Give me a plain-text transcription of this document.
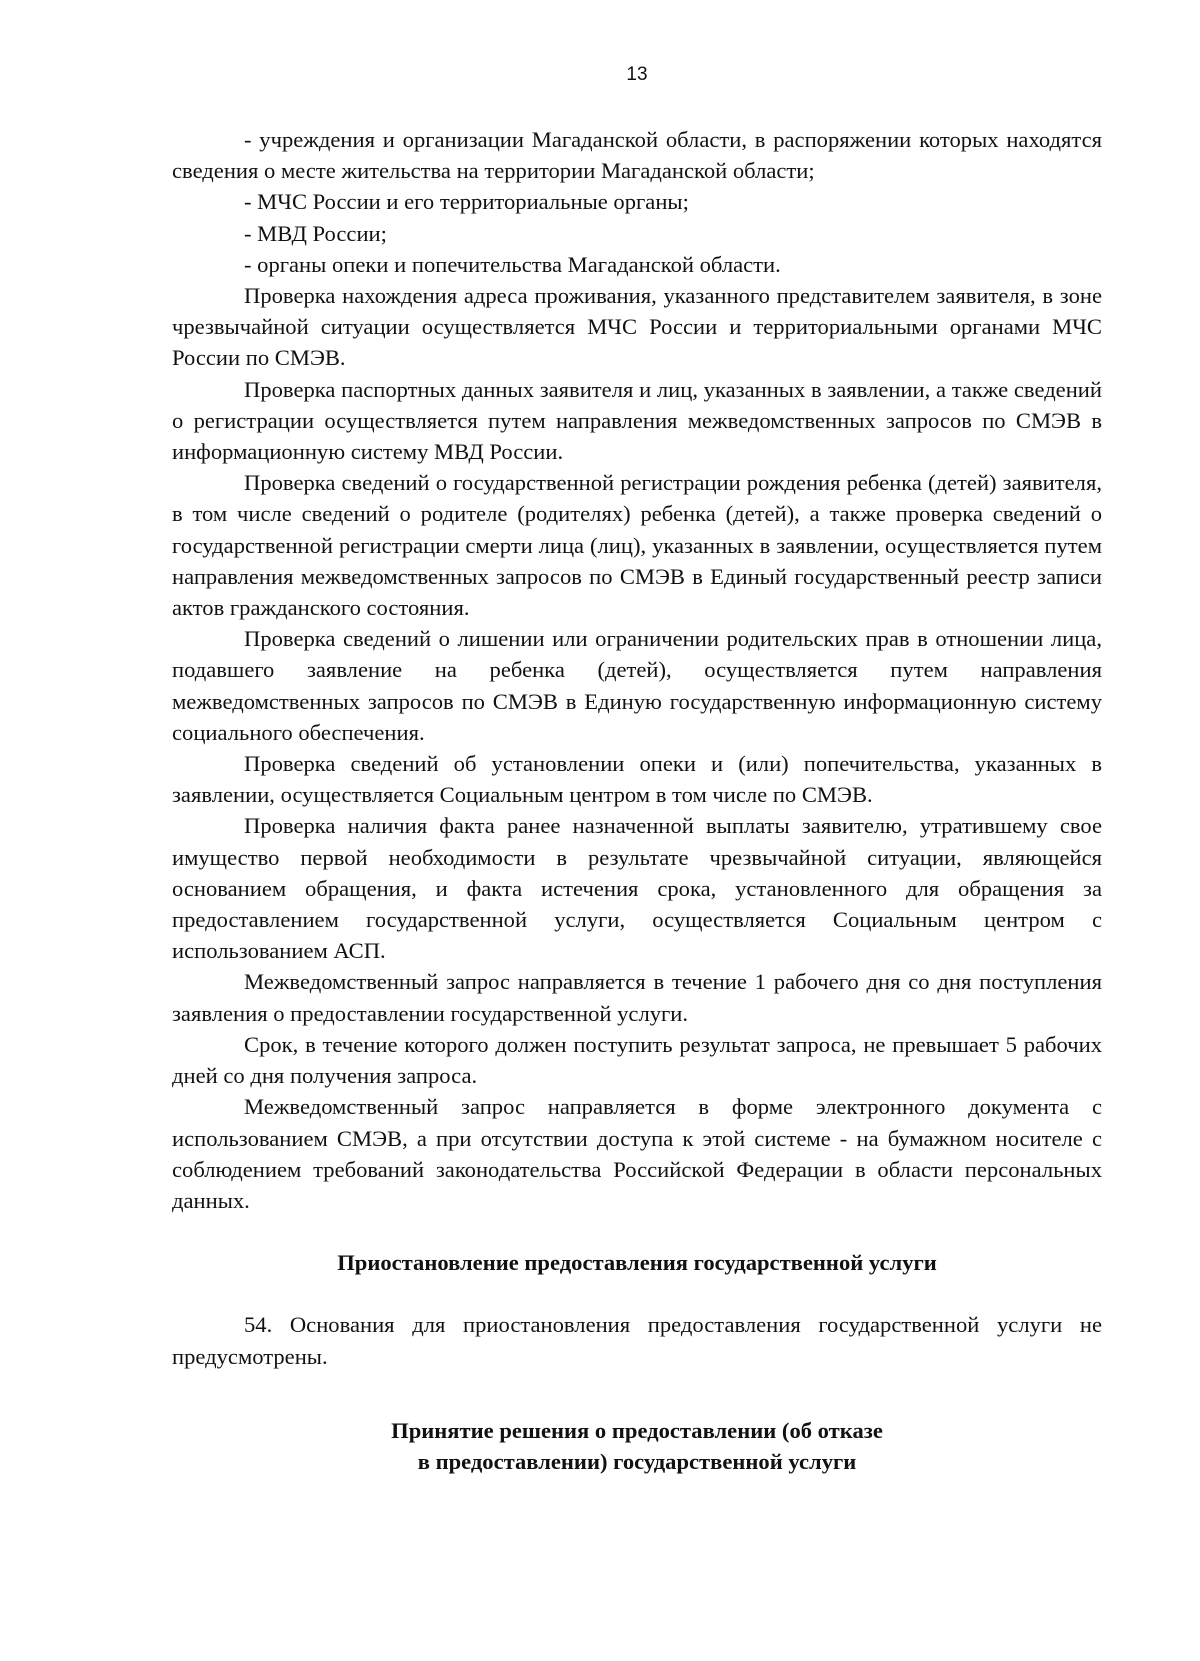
13

- учреждения и организации Магаданской области, в распоряжении которых находятся сведения о месте жительства на территории Магаданской области;

- МЧС России и его территориальные органы;

- МВД России;

- органы опеки и попечительства Магаданской области.

Проверка нахождения адреса проживания, указанного представителем заявителя, в зоне чрезвычайной ситуации осуществляется МЧС России и территориальными органами МЧС России по СМЭВ.

Проверка паспортных данных заявителя и лиц, указанных в заявлении, а также сведений о регистрации осуществляется путем направления межведомственных запросов по СМЭВ в информационную систему МВД России.

Проверка сведений о государственной регистрации рождения ребенка (детей) заявителя, в том числе сведений о родителе (родителях) ребенка (детей), а также проверка сведений о государственной регистрации смерти лица (лиц), указанных в заявлении, осуществляется путем направления межведомственных запросов по СМЭВ в Единый государственный реестр записи актов гражданского состояния.

Проверка сведений о лишении или ограничении родительских прав в отношении лица, подавшего заявление на ребенка (детей), осуществляется путем направления межведомственных запросов по СМЭВ в Единую государственную информационную систему социального обеспечения.

Проверка сведений об установлении опеки и (или) попечительства, указанных в заявлении, осуществляется Социальным центром в том числе по СМЭВ.

Проверка наличия факта ранее назначенной выплаты заявителю, утратившему свое имущество первой необходимости в результате чрезвычайной ситуации, являющейся основанием обращения, и факта истечения срока, установленного для обращения за предоставлением государственной услуги, осуществляется Социальным центром с использованием АСП.

Межведомственный запрос направляется в течение 1 рабочего дня со дня поступления заявления о предоставлении государственной услуги.

Срок, в течение которого должен поступить результат запроса, не превышает 5 рабочих дней со дня получения запроса.

Межведомственный запрос направляется в форме электронного документа с использованием СМЭВ, а при отсутствии доступа к этой системе - на бумажном носителе с соблюдением требований законодательства Российской Федерации в области персональных данных.

Приостановление предоставления государственной услуги

54. Основания для приостановления предоставления государственной услуги не предусмотрены.

Принятие решения о предоставлении (об отказе
в предоставлении) государственной услуги
